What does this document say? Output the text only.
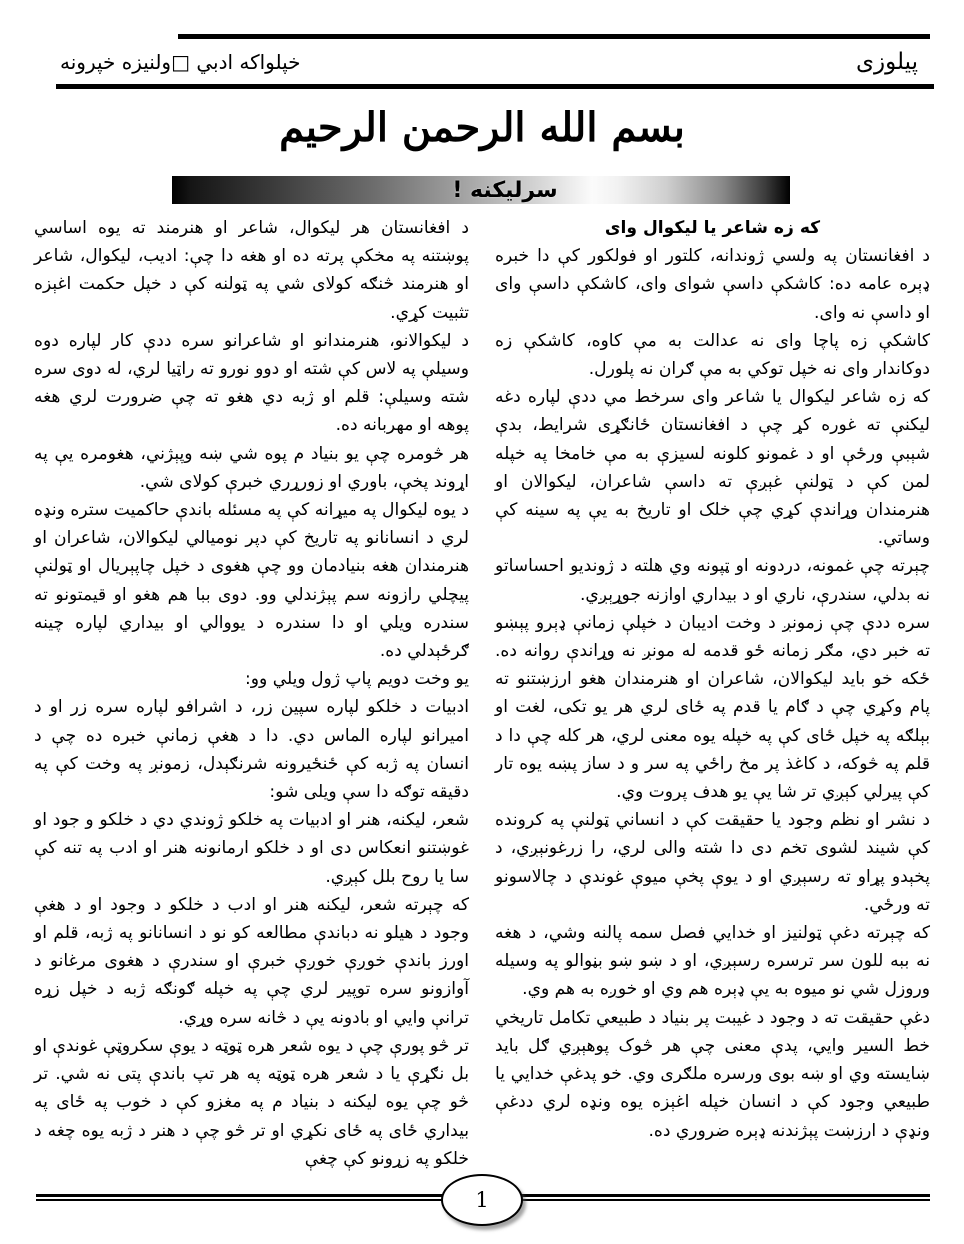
پيلوزی
خپلواکه ادبي □ولنيزه خپرونه
بسم الله الرحمن الرحيم
سرليکنه !

که زه شاعر يا ليکوال وای

د افغانستان په ولسي ژوندانه، کلتور او فولکور کې دا خبره ډېره عامه ده: کاشکې داسې شوای وای، کاشکې داسې وای او داسې نه وای.

کاشکې زه پاچا وای نه عدالت به مې کاوه، کاشکې زه دوکاندار وای نه خپل توکي به مې ګران نه پلورل.

که زه شاعر ليکوال يا شاعر وای سرخط مي ددې لپاره دغه ليکنې ته غوره کړ چې د افغانستان ځانګړی شرايط، بدې شېبې ورځې او د غمونو کلونه لسيزې به مې خامخا په خپله لمن کې د ټولنې غېږې ته داسې شاعران، ليکوالان او هنرمندان وړاندې کړي چې خلک او تاريخ به يې په سينه کې وساتي.

چېرته چې غمونه، دردونه او ټپونه وي هلته د ژونديو احساساتو نه بدلي، سندرې، ناري او د بيداري اوازنه جوړېږي.

سره ددې چې زمونږ د وخت اديبان د خپلې زمانې ډېرو پېښو ته خبر دي، مګر زمانه ځو قدمه له مونږ نه وړاندې روانه ده. ځکه خو بايد ليکوالان، شاعران او هنرمندان هغو ارزښتنو ته پام وکړي چې د ګام يا قدم په ځای لري هر يو تکی، لغت او بېلګه په خپل ځای کې په خپله يوه معنی لري، هر کله چې دا د قلم په څوکه، د کاغذ پر مخ راځي په سر و د ساز پښه يوه تار کې پيرلي کېږي تر شا يې يو هدف پروت وي.

د نشر او نظم وجود يا حقيقت کې د انساني ټولنې په کرونده کې شيند لشوی تخم دی دا شته والی لري، را زرغونېږي، د پخېدو پړاو ته رسېږي او د يوې پخې ميوې غوندې د چالاسونو ته ورځي.

که چېرته دغې ټولنيز او خدايي فصل سمه پالنه وشي، د هغه نه ببه للون سر ترسره رسېږي، او د ښو ښو بڼوالو په وسيله وروزل شي نو ميوه به يې ډېره هم وي او خوږه به هم وي.

دغې حقيقت ته د وجود د غيبت پر بنياد د طبيعي تکامل تاريخي خط السير وايي، پدې معنی چې هر څوک پوهېږي ګل بايد ښايسته وي او ښه بوی ورسره ملګری وي. خو پدغې خدايي يا طبيعي وجود کې د انسان خپله اغېزه يوه ونډه لري ددغې ونډې د ارزښت پېژندنه ډېره ضروري ده.

د افغانستان هر ليکوال، شاعر او هنرمند ته يوه اساسي پوښتنه په مخکې پرته ده او هغه دا چې: اديب، ليکوال، شاعر او هنرمند څنګه کولای شي په ټولنه کې د خپل حکمت اغېزه تثبيت کړي.

د ليکوالانو، هنرمندانو او شاعرانو سره ددې کار لپاره دوه وسيلې په لاس کې شته او دوو نورو ته راټيا لري، له دوی سره شته وسيلې: قلم او ژبه دي هغو ته چې ضرورت لري هغه پوهه او مهربانه ده.

هر څومره چې يو بنياد م پوه شي ښه وپېژني، هغومره يې په اړوند پخې، باوري او زورړري خبرې کولای شي.

د يوه ليکوال په ميړانه کې په مسئله باندې حاکميت ستره ونډه لري د انسانانو په تاريخ کې دپر نوميالي ليکوالان، شاعران او هنرمندان هغه بنيادمان وو چې هغوی د خپل چاپېريال او ټولنې پيچلي رازونه سم پېژندلي وو. دوی ببا هم هغو او قيمتونو ته سندره ويلي او دا سندره د يووالي او بيداري لپاره چينه ګرځېدلي ده.

يو وخت دويم پاپ ژول ويلي وو:

ادبيات د خلکو لپاره سپين زر، د اشرافو لپاره سره زر او د اميرانو لپاره الماس دي. دا د هغې زمانې خبره ده چې د انسان په ژبه کې ځنځيرونه شرنګېدل، زمونږ په وخت کې په دقيقه توګه دا سې ويلی شو:

شعر، ليکنه، هنر او ادبيات په خلکو ژوندي دي د خلکو و جود او غوښتنو انعکاس دی او د خلکو ارمانونه هنر او ادب په تنه کې سا يا روح بلل کېږي.

که چېرته شعر، ليکنه هنر او ادب د خلکو د وجود او د هغې وجود د هيلو نه دباندې مطالعه کو نو د انسانانو په ژبه، قلم او اورز باندې خوږې خوږې خبرې او سندرې د هغوی مرغانو د آوازونو سره توپير لري چې په خپله ګونګه ژبه د خپل زړه ترانې وايي او بادونه يې د څانه سره وړي.

تر څو پورې چې د يوه شعر هره ټوټه د يوې سکروټې غوندې او بل نګړې يا د شعر هره ټوټه په هر تپ باندې پتی نه شي. تر څو چې يوه ليکنه د بنياد م په مغزو کې د خوب په ځای په بيداري ځای په ځای نکړي او تر څو چې د هنر د ژبه يوه چغه د خلکو په زړونو کې چغې

1
